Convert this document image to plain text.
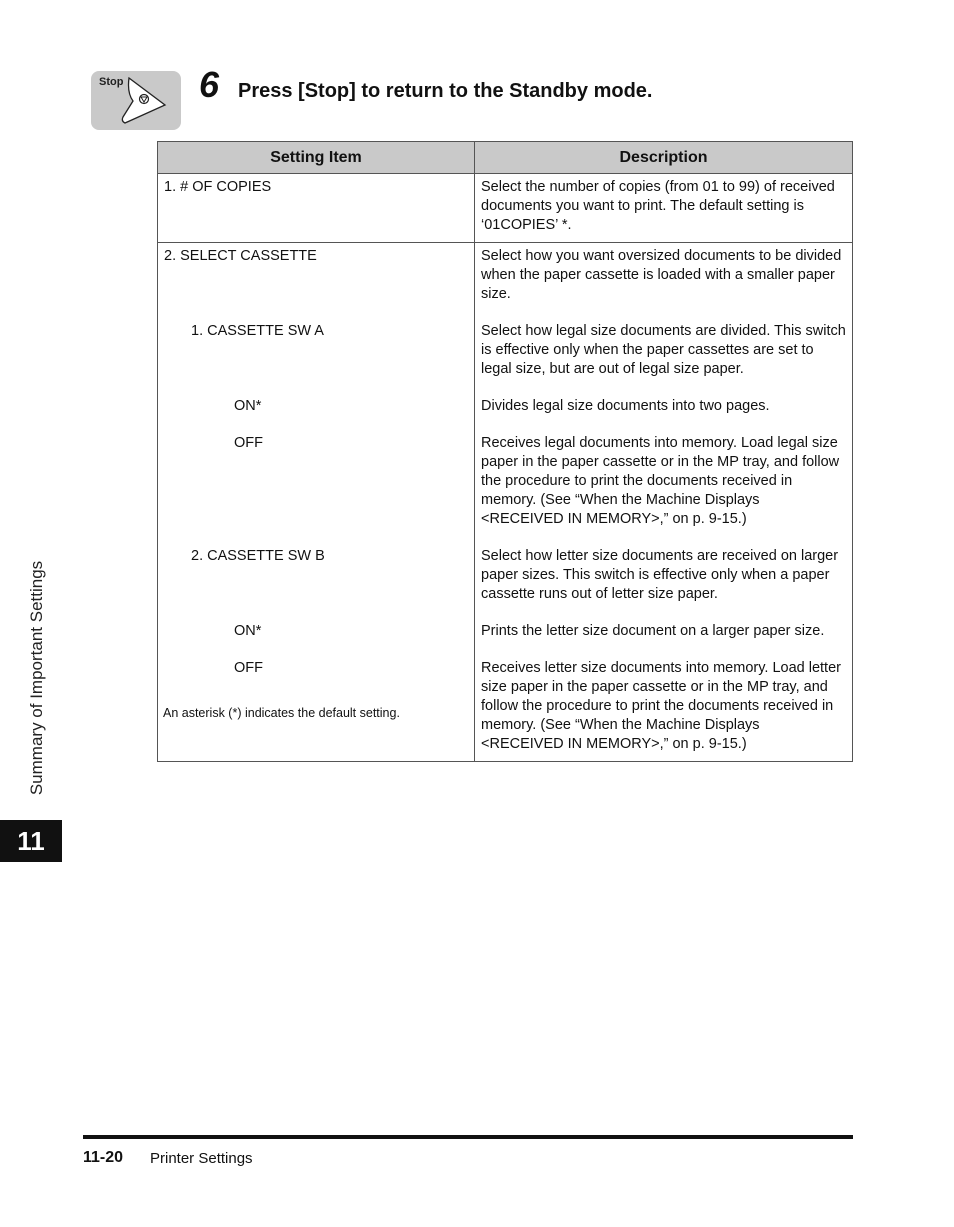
Stop 6 Press [Stop] to return to the Standby mode.
Setting Item	Description
1. # OF COPIES	Select the number of copies (from 01 to 99) of received documents you want to print. The default setting is ‘01COPIES’ *.
2. SELECT CASSETTE	Select how you want oversized documents to be divided when the paper cassette is loaded with a smaller paper size.
1. CASSETTE SW A	Select how legal size documents are divided. This switch is effective only when the paper cassettes are set to legal size, but are out of legal size paper.
ON*	Divides legal size documents into two pages.
OFF	Receives legal documents into memory. Load legal size paper in the paper cassette or in the MP tray, and follow the procedure to print the documents received in memory. (See “When the Machine Displays <RECEIVED IN MEMORY>,” on p. 9-15.)
2. CASSETTE SW B	Select how letter size documents are received on larger paper sizes. This switch is effective only when a paper cassette runs out of letter size paper.
ON*	Prints the letter size document on a larger paper size.
OFF	Receives letter size documents into memory. Load letter size paper in the paper cassette or in the MP tray, and follow the procedure to print the documents received in memory. (See “When the Machine Displays <RECEIVED IN MEMORY>,” on p. 9-15.)
An asterisk (*) indicates the default setting.
Summary of Important Settings
11
11-20 Printer Settings
